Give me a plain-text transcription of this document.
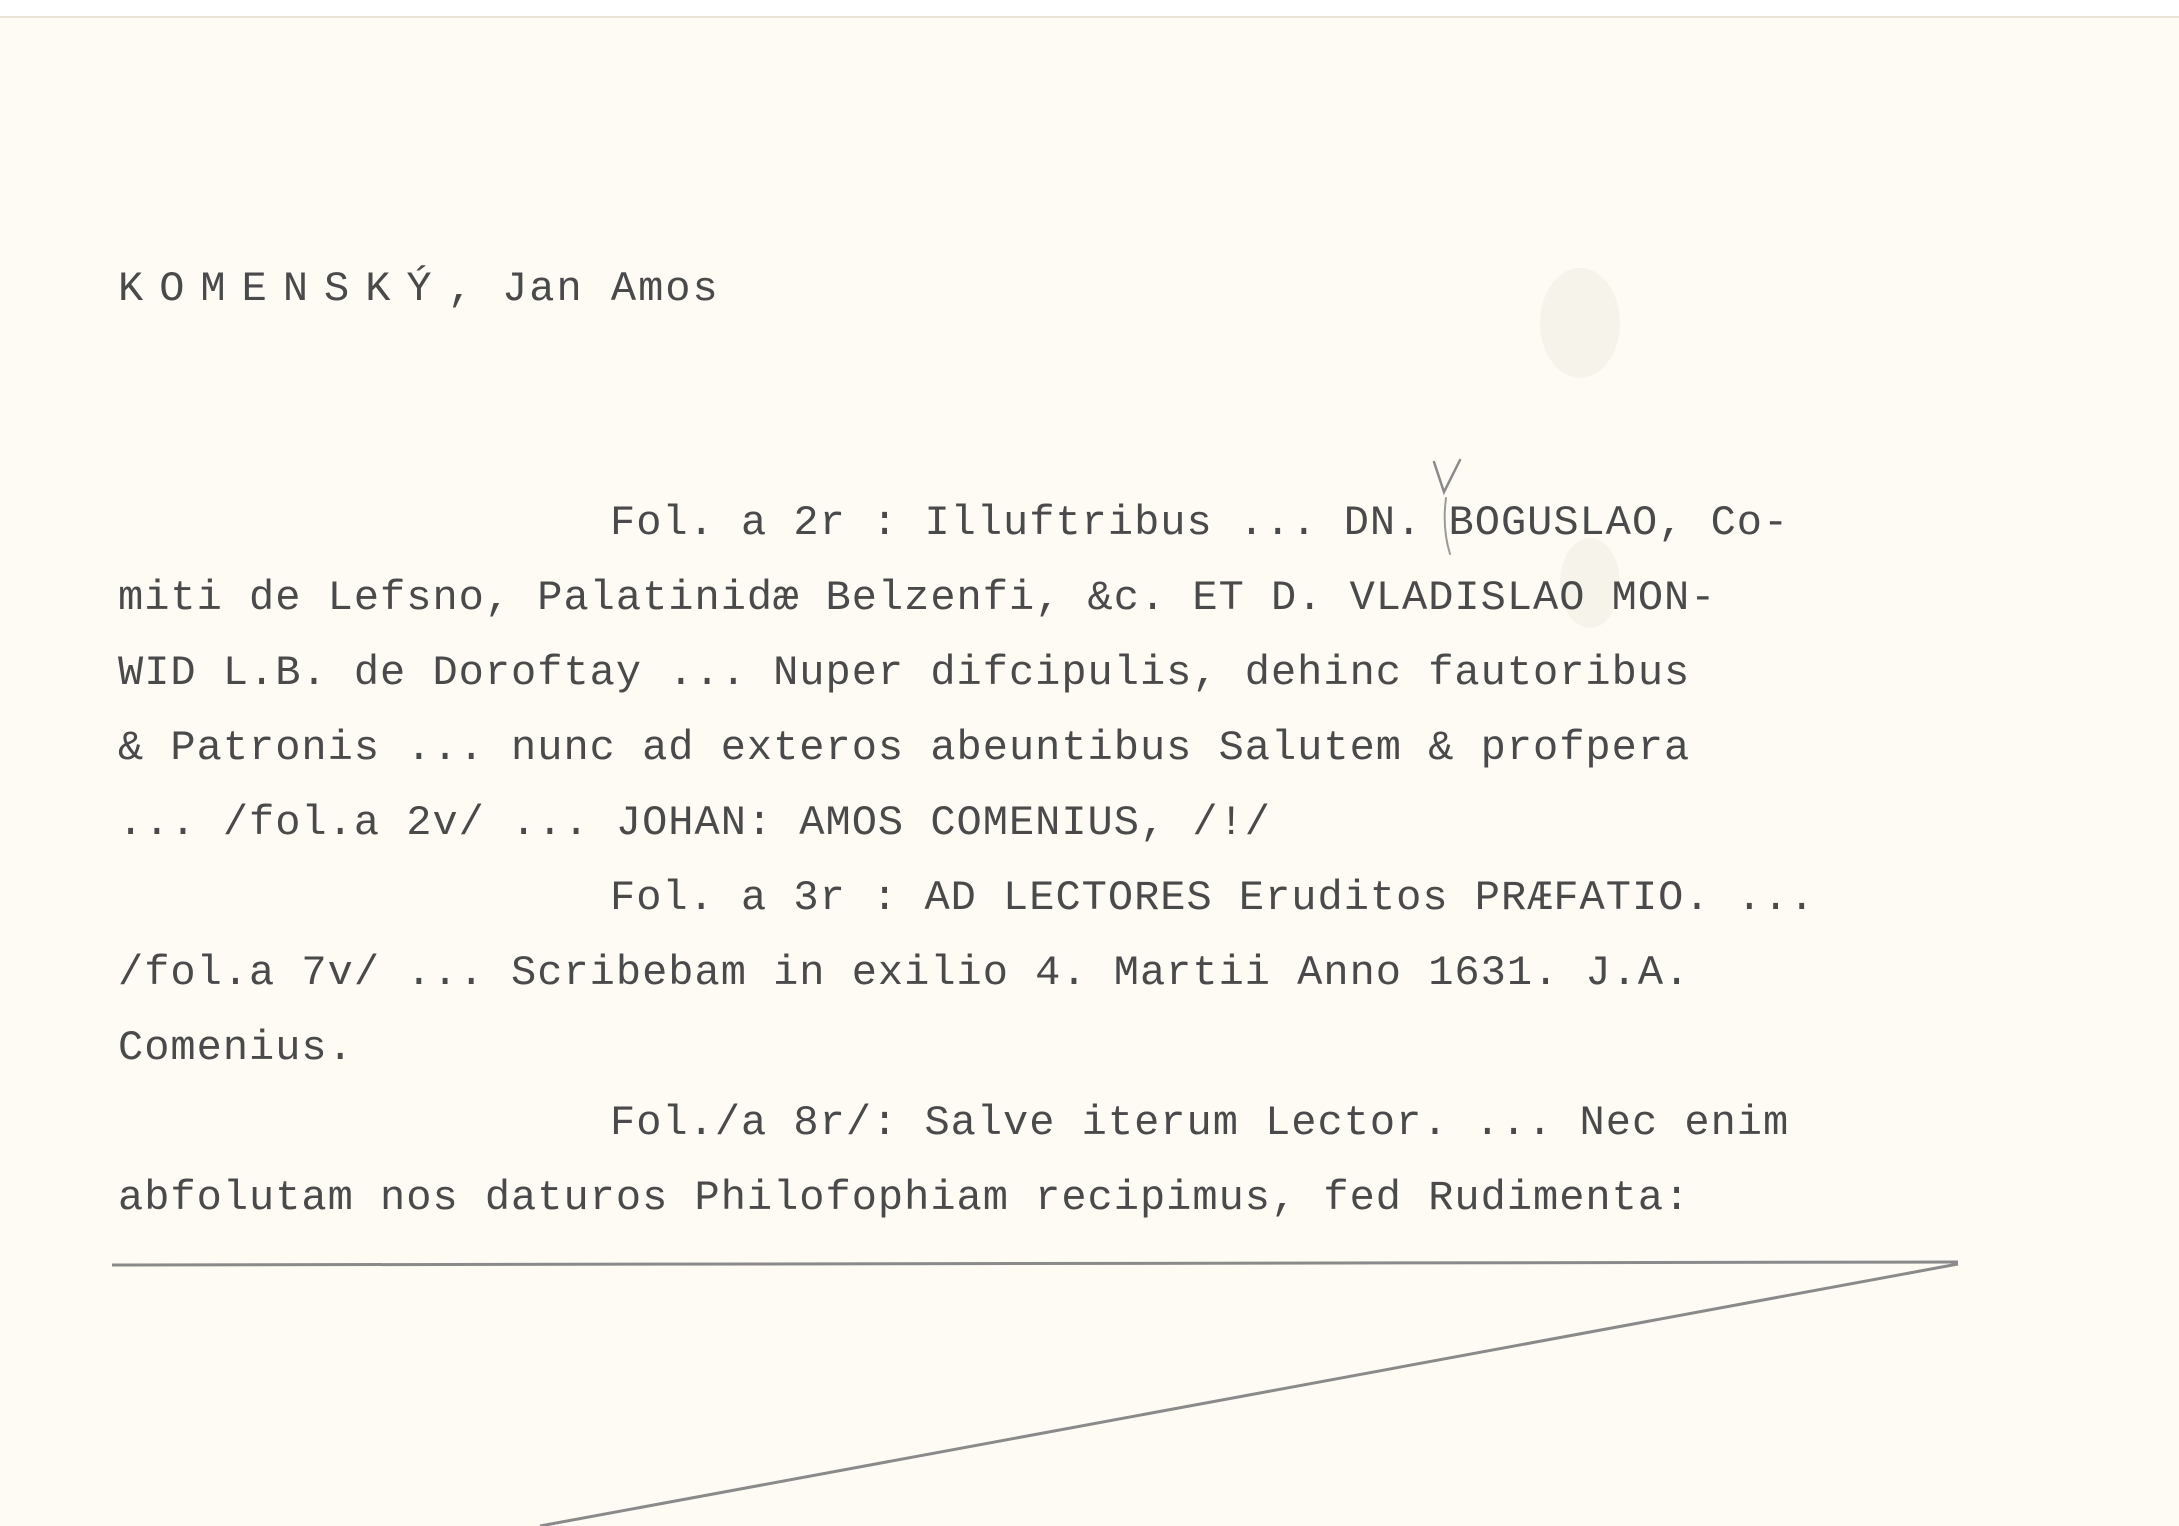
KOMENSKÝ, Jan Amos
Fol. a 2r : Illuftribus ... DN. BOGUSLAO, Co-
miti de Lefsno, Palatinidæ Belzenfi, &c. ET D. VLADISLAO MON-
WID L.B. de Doroftay ... Nuper difcipulis, dehinc fautoribus
& Patronis ... nunc ad exteros abeuntibus Salutem & profpera
... /fol.a 2v/ ... JOHAN: AMOS COMENIUS, /!/
Fol. a 3r : AD LECTORES Eruditos PRÆFATIO. ...
/fol.a 7v/ ... Scribebam in exilio 4. Martii Anno 1631. J.A.
Comenius.
Fol./a 8r/: Salve iterum Lector. ... Nec enim
abfolutam nos daturos Philofophiam recipimus, fed Rudimenta:
